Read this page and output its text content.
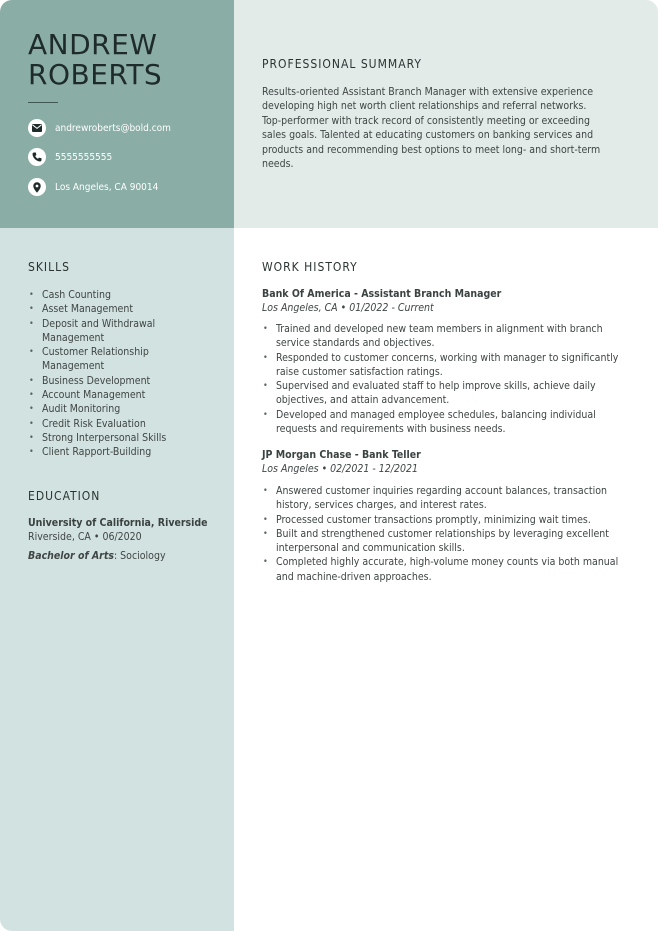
ANDREW
ROBERTS
andrewroberts@bold.com
5555555555
Los Angeles, CA 90014
PROFESSIONAL SUMMARY

Results-oriented Assistant Branch Manager with extensive experience
developing high net worth client relationships and referral networks.
Top-performer with track record of consistently meeting or exceeding
sales goals. Talented at educating customers on banking services and
products and recommending best options to meet long- and short-term
needs.

SKILLS
• Cash Counting
• Asset Management
• Deposit and Withdrawal Management
• Customer Relationship Management
• Business Development
• Account Management
• Audit Monitoring
• Credit Risk Evaluation
• Strong Interpersonal Skills
• Client Rapport-Building
EDUCATION
University of California, Riverside
Riverside, CA • 06/2020
Bachelor of Arts: Sociology
WORK HISTORY
Bank Of America - Assistant Branch Manager
Los Angeles, CA • 01/2022 - Current
• Trained and developed new team members in alignment with branch service standards and objectives.
• Responded to customer concerns, working with manager to significantly raise customer satisfaction ratings.
• Supervised and evaluated staff to help improve skills, achieve daily objectives, and attain advancement.
• Developed and managed employee schedules, balancing individual requests and requirements with business needs.
JP Morgan Chase - Bank Teller
Los Angeles • 02/2021 - 12/2021
• Answered customer inquiries regarding account balances, transaction history, services charges, and interest rates.
• Processed customer transactions promptly, minimizing wait times.
• Built and strengthened customer relationships by leveraging excellent interpersonal and communication skills.
• Completed highly accurate, high-volume money counts via both manual and machine-driven approaches.
